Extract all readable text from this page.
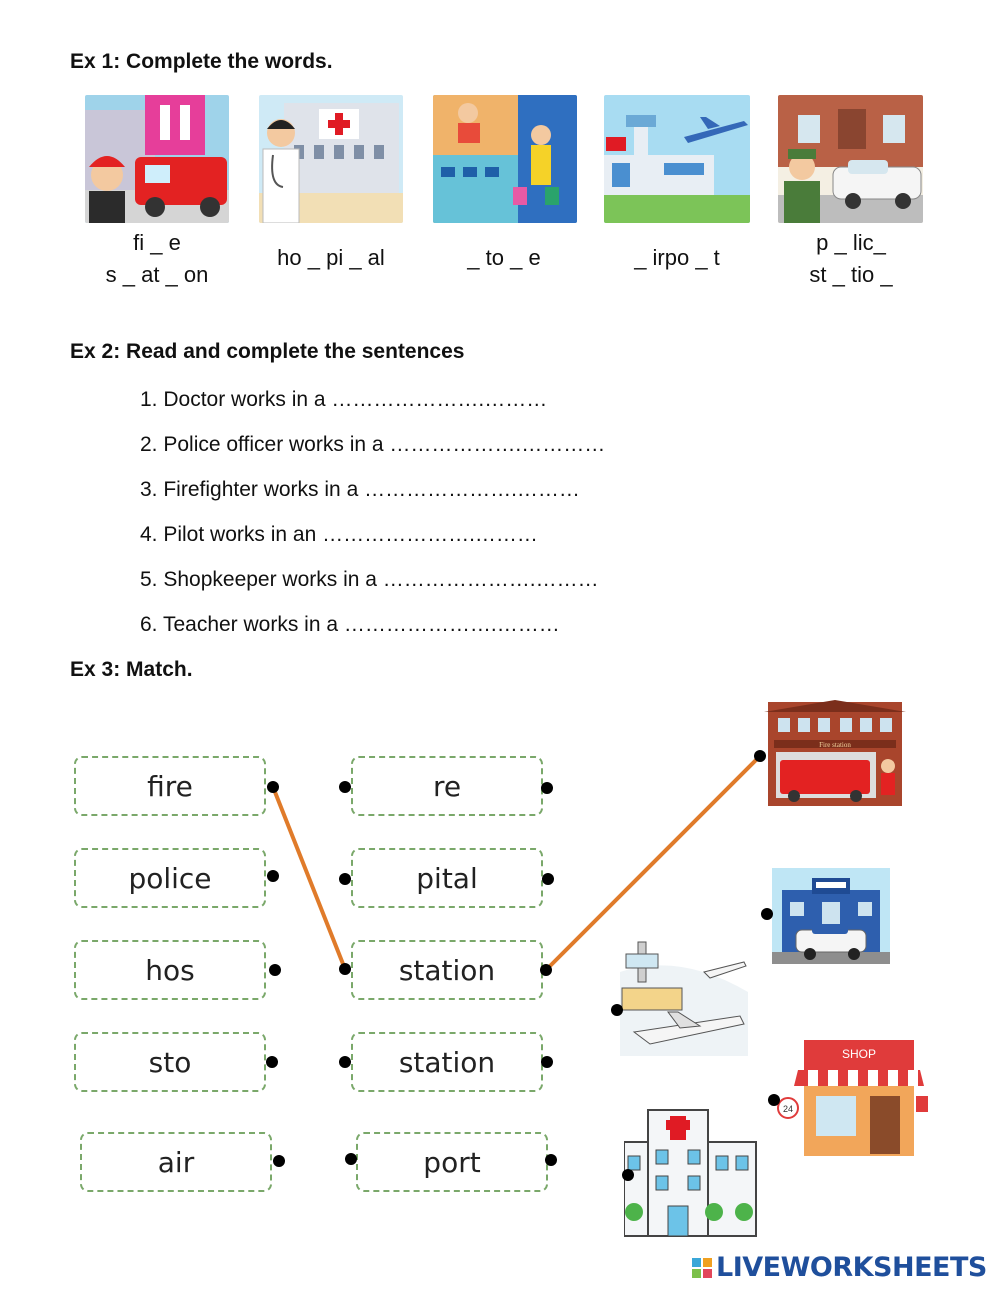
Ex 1: Complete the words.
fi _ e
s _ at _ on
ho _ pi _ al	_ to _ e	_ irpo _ t
p _ lic_
st _ tio _
Ex 2: Read and complete the sentences
1. Doctor works in a ………………….………
2. Police officer works in a ……………….…………
3. Firefighter works in a ………………….………
4. Pilot works in an ………………….………
5. Shopkeeper works in a ………………….………
6. Teacher works in a ………………….………
Ex 3: Match.
fire
police
hos
sto
air
re
pital
station
station
port
Fire station
SHOP
24
LIVEWORKSHEETS
